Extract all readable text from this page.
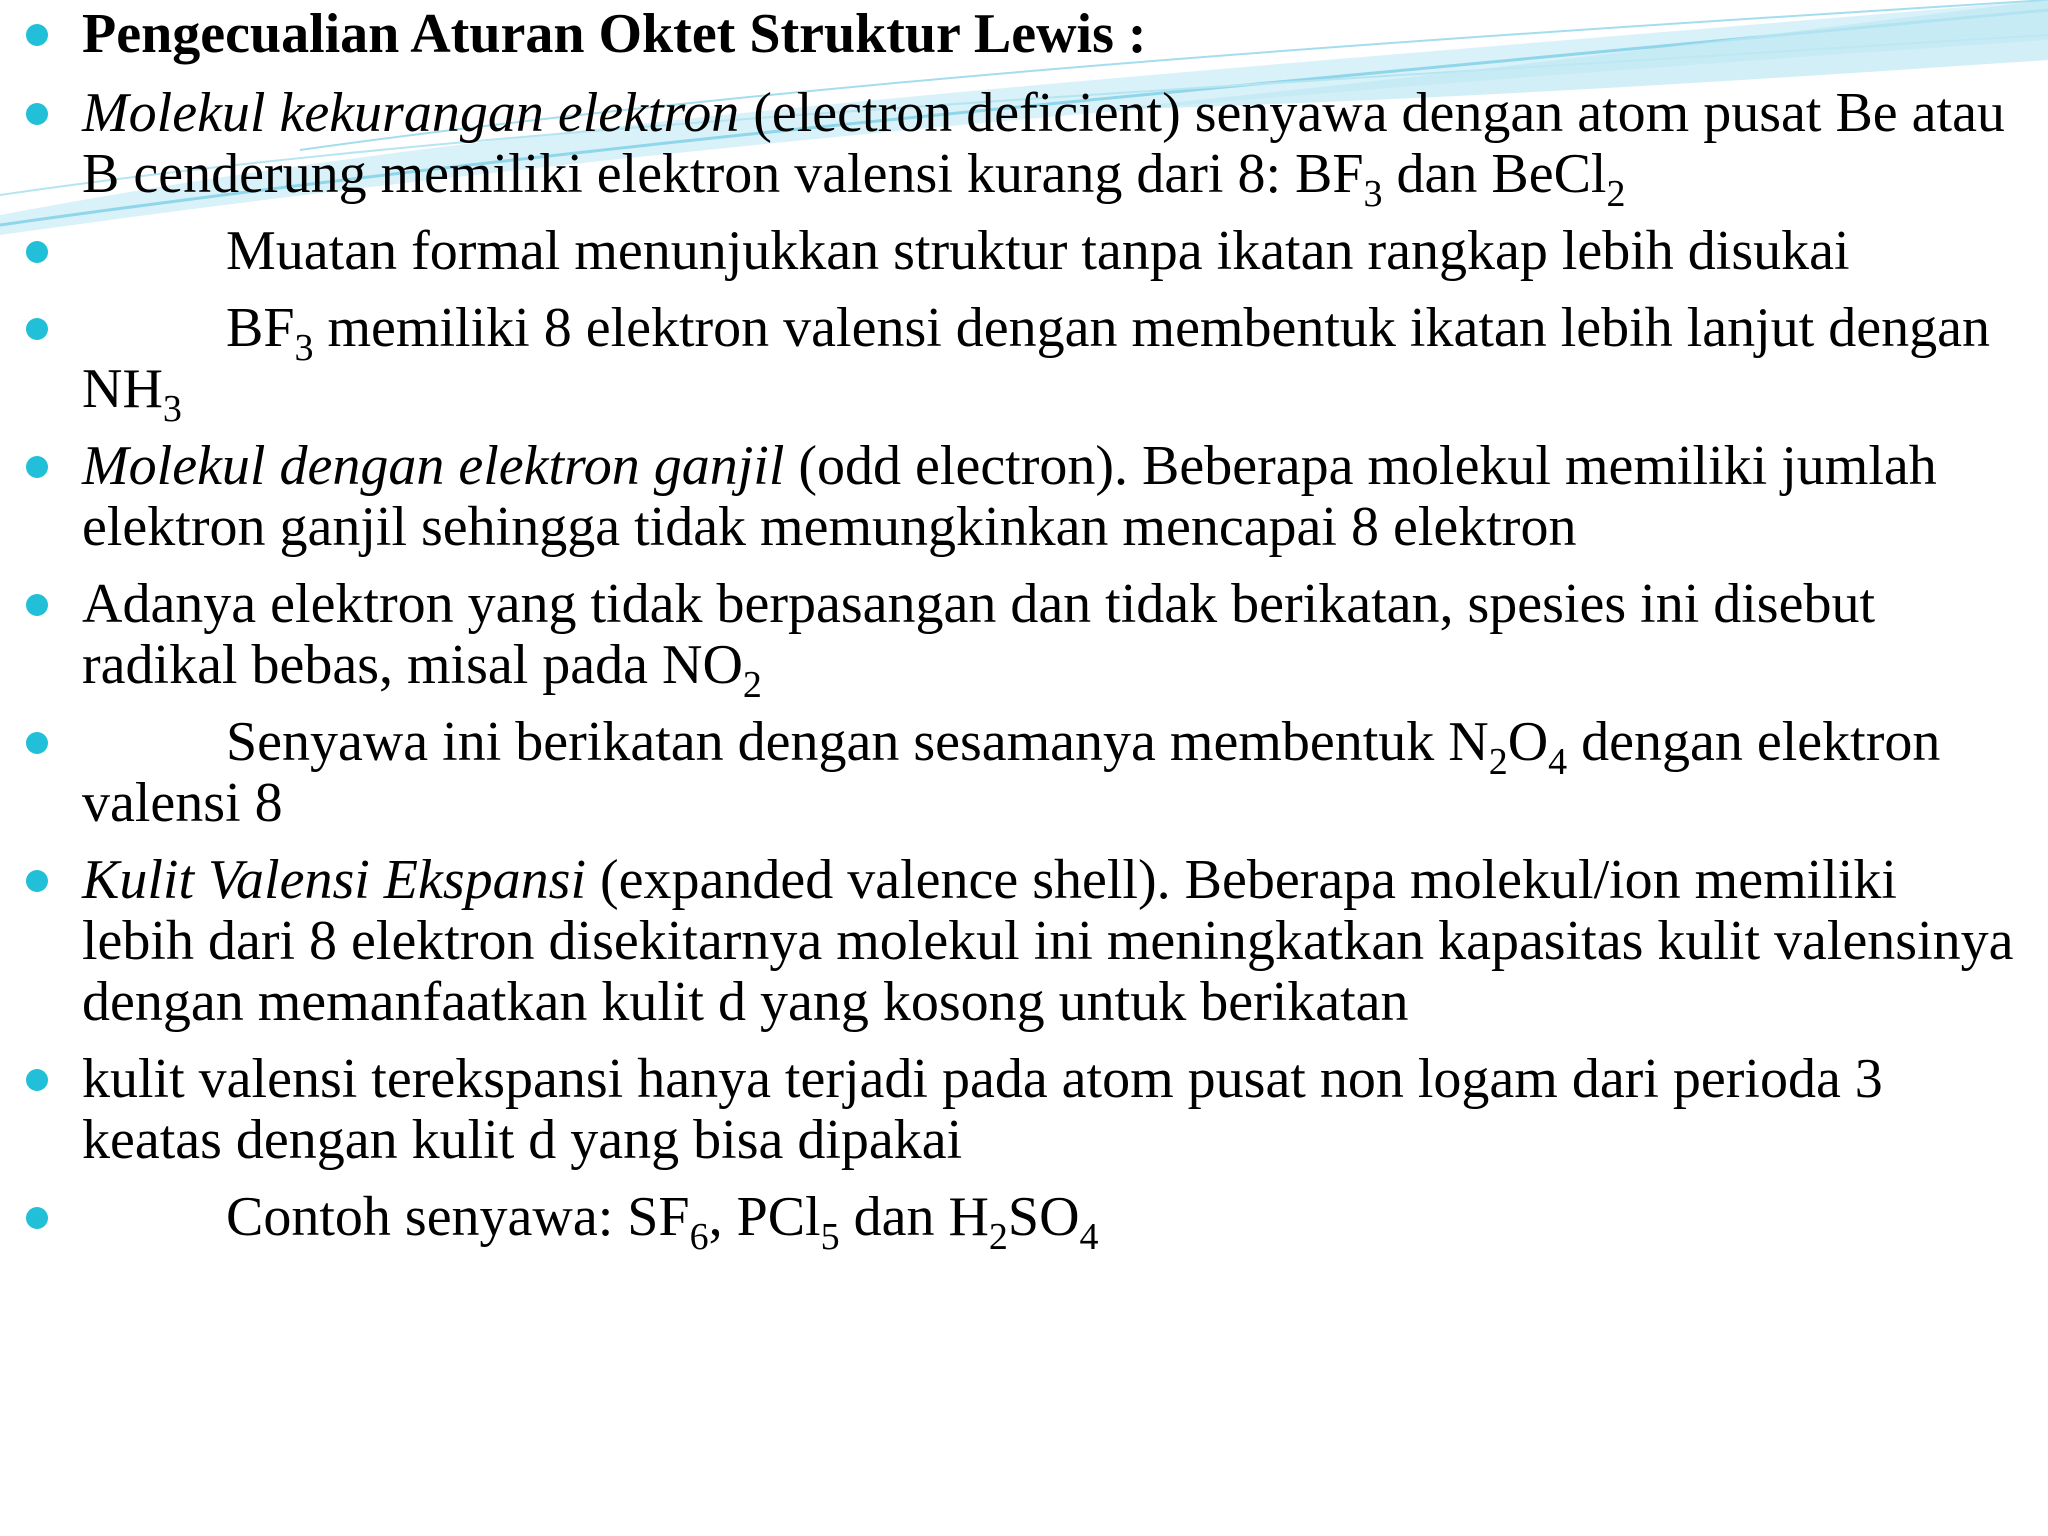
Pengecualian Aturan Oktet Struktur Lewis :
Molekul kekurangan elektron (electron deficient) senyawa dengan atom pusat Be atau B cenderung memiliki elektron valensi kurang dari 8: $BF_3$ dan BeCl$_2$
Muatan formal menunjukkan struktur tanpa ikatan rangkap lebih disukai
$BF_3$ memiliki 8 elektron valensi dengan membentuk ikatan lebih lanjut dengan $NH_3$
Molekul dengan elektron ganjil (odd electron). Beberapa molekul memiliki jumlah elektron ganjil sehingga tidak memungkinkan mencapai 8 elektron
Adanya elektron yang tidak berpasangan dan tidak berikatan, spesies ini disebut radikal bebas, misal pada $NO_2$
Senyawa ini berikatan dengan sesamanya membentuk $N_2O_4$ dengan elektron valensi 8
Kulit Valensi Ekspansi (expanded valence shell). Beberapa molekul/ion memiliki lebih dari 8 elektron disekitarnya molekul ini meningkatkan kapasitas kulit valensinya dengan memanfaatkan kulit d yang kosong untuk berikatan
kulit valensi terekspansi hanya terjadi pada atom pusat non logam dari perioda 3 keatas dengan kulit d yang bisa dipakai
Contoh senyawa: $SF_6$, PCl$_5$ dan $H_2SO_4$
